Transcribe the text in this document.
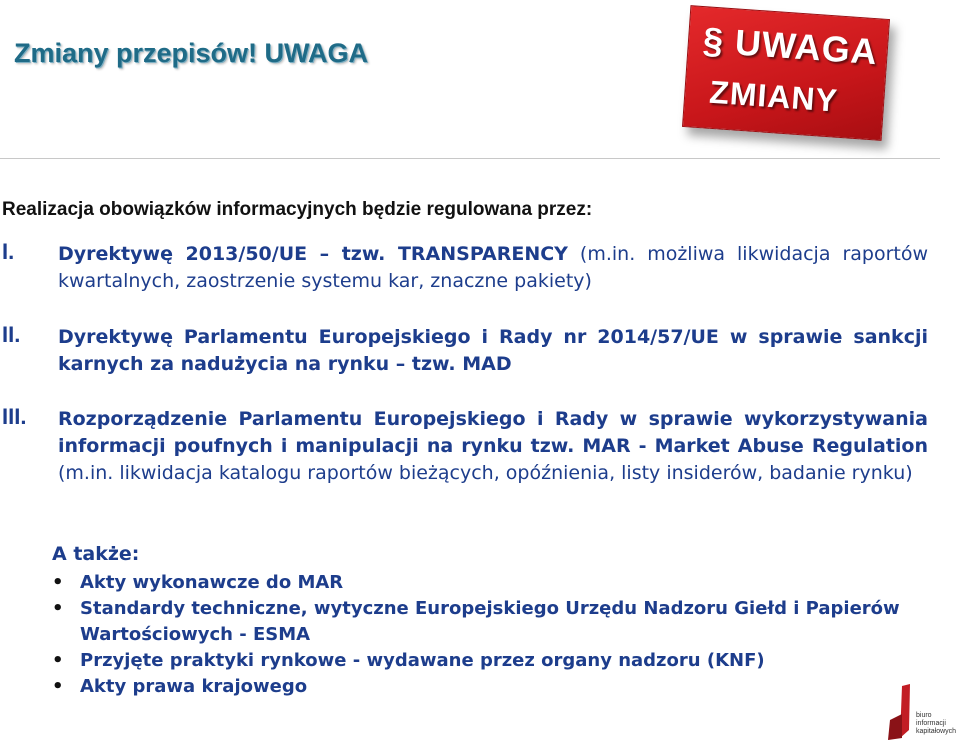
Zmiany przepisów! UWAGA	§ UWAGA
ZMIANY
Realizacja obowiązków informacyjnych będzie regulowana przez:
I. Dyrektywę 2013/50/UE – tzw. TRANSPARENCY (m.in. możliwa likwidacja raportów kwartalnych, zaostrzenie systemu kar, znaczne pakiety)
II. Dyrektywę Parlamentu Europejskiego i Rady nr 2014/57/UE w sprawie sankcji karnych za nadużycia na rynku – tzw. MAD
III. Rozporządzenie Parlamentu Europejskiego i Rady w sprawie wykorzystywania informacji poufnych i manipulacji na rynku tzw. MAR - Market Abuse Regulation (m.in. likwidacja katalogu raportów bieżących, opóźnienia, listy insiderów, badanie rynku)
A także:
• Akty wykonawcze do MAR
• Standardy techniczne, wytyczne Europejskiego Urzędu Nadzoru Giełd i Papierów Wartościowych - ESMA
• Przyjęte praktyki rynkowe - wydawane przez organy nadzoru (KNF)
• Akty prawa krajowego
biuro
informacji
kapitałowych
